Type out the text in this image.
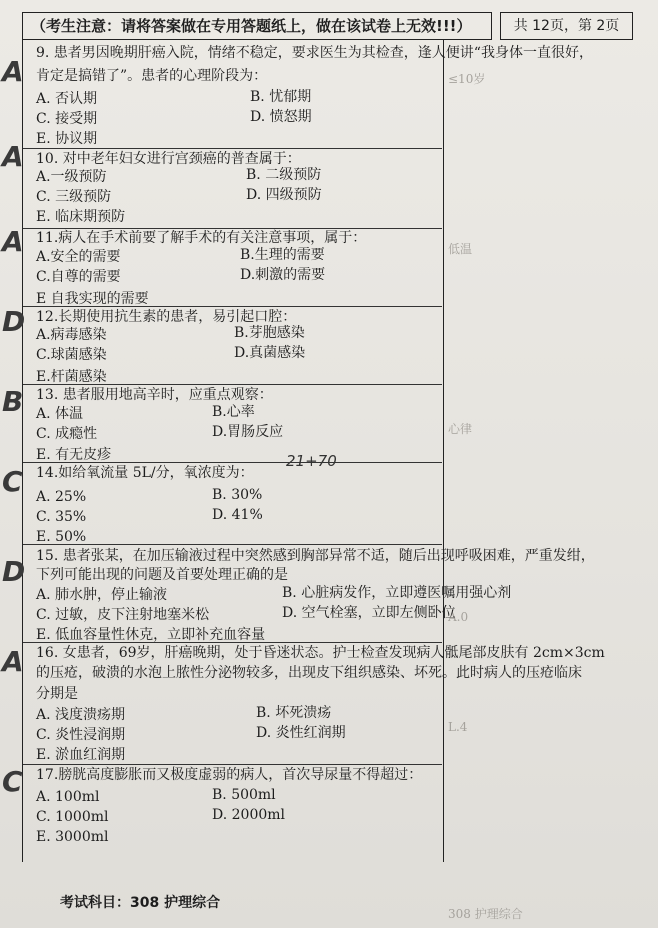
（考生注意：请将答案做在专用答题纸上，做在该试卷上无效!!!）	共 12页，第 2页
≤10岁
低温
心律
A.0
L.4
308 护理综合
A
A
A
D
B
C
D
A
C
21+70
9. 患者男因晚期肝癌入院，情绪不稳定，要求医生为其检查，逢人便讲“我身体一直很好，
肯定是搞错了”。患者的心理阶段为：
A. 否认期	B. 忧郁期
C. 接受期	D. 愤怒期
E. 协议期
10. 对中老年妇女进行宫颈癌的普查属于：
A.一级预防	B. 二级预防
C. 三级预防	D. 四级预防
E. 临床期预防
11.病人在手术前要了解手术的有关注意事项，属于：
A.安全的需要	B.生理的需要
C.自尊的需要	D.刺激的需要
E 自我实现的需要
12.长期使用抗生素的患者，易引起口腔：
A.病毒感染	B.芽胞感染
C.球菌感染	D.真菌感染
E.杆菌感染
13. 患者服用地高辛时，应重点观察：
A. 体温	B.心率
C. 成瘾性	D.胃肠反应
E. 有无皮疹
14.如给氧流量 5L/分，氧浓度为：
A. 25%	B. 30%
C. 35%	D. 41%
E. 50%
15. 患者张某，在加压输液过程中突然感到胸部异常不适，随后出现呼吸困难，严重发绀，
下列可能出现的问题及首要处理正确的是
A. 肺水肿，停止输液	B. 心脏病发作，立即遵医嘱用强心剂
C. 过敏，皮下注射地塞米松	D. 空气栓塞，立即左侧卧位
E. 低血容量性休克，立即补充血容量
16. 女患者，69岁，肝癌晚期，处于昏迷状态。护士检查发现病人骶尾部皮肤有 2cm×3cm
的压疮，破溃的水泡上脓性分泌物较多，出现皮下组织感染、坏死。此时病人的压疮临床
分期是
A. 浅度溃疡期	B. 坏死溃疡
C. 炎性浸润期	D. 炎性红润期
E. 淤血红润期
17.膀胱高度膨胀而又极度虚弱的病人，首次导尿量不得超过：
A. 100ml	B. 500ml
C. 1000ml	D. 2000ml
E. 3000ml
考试科目：308 护理综合
